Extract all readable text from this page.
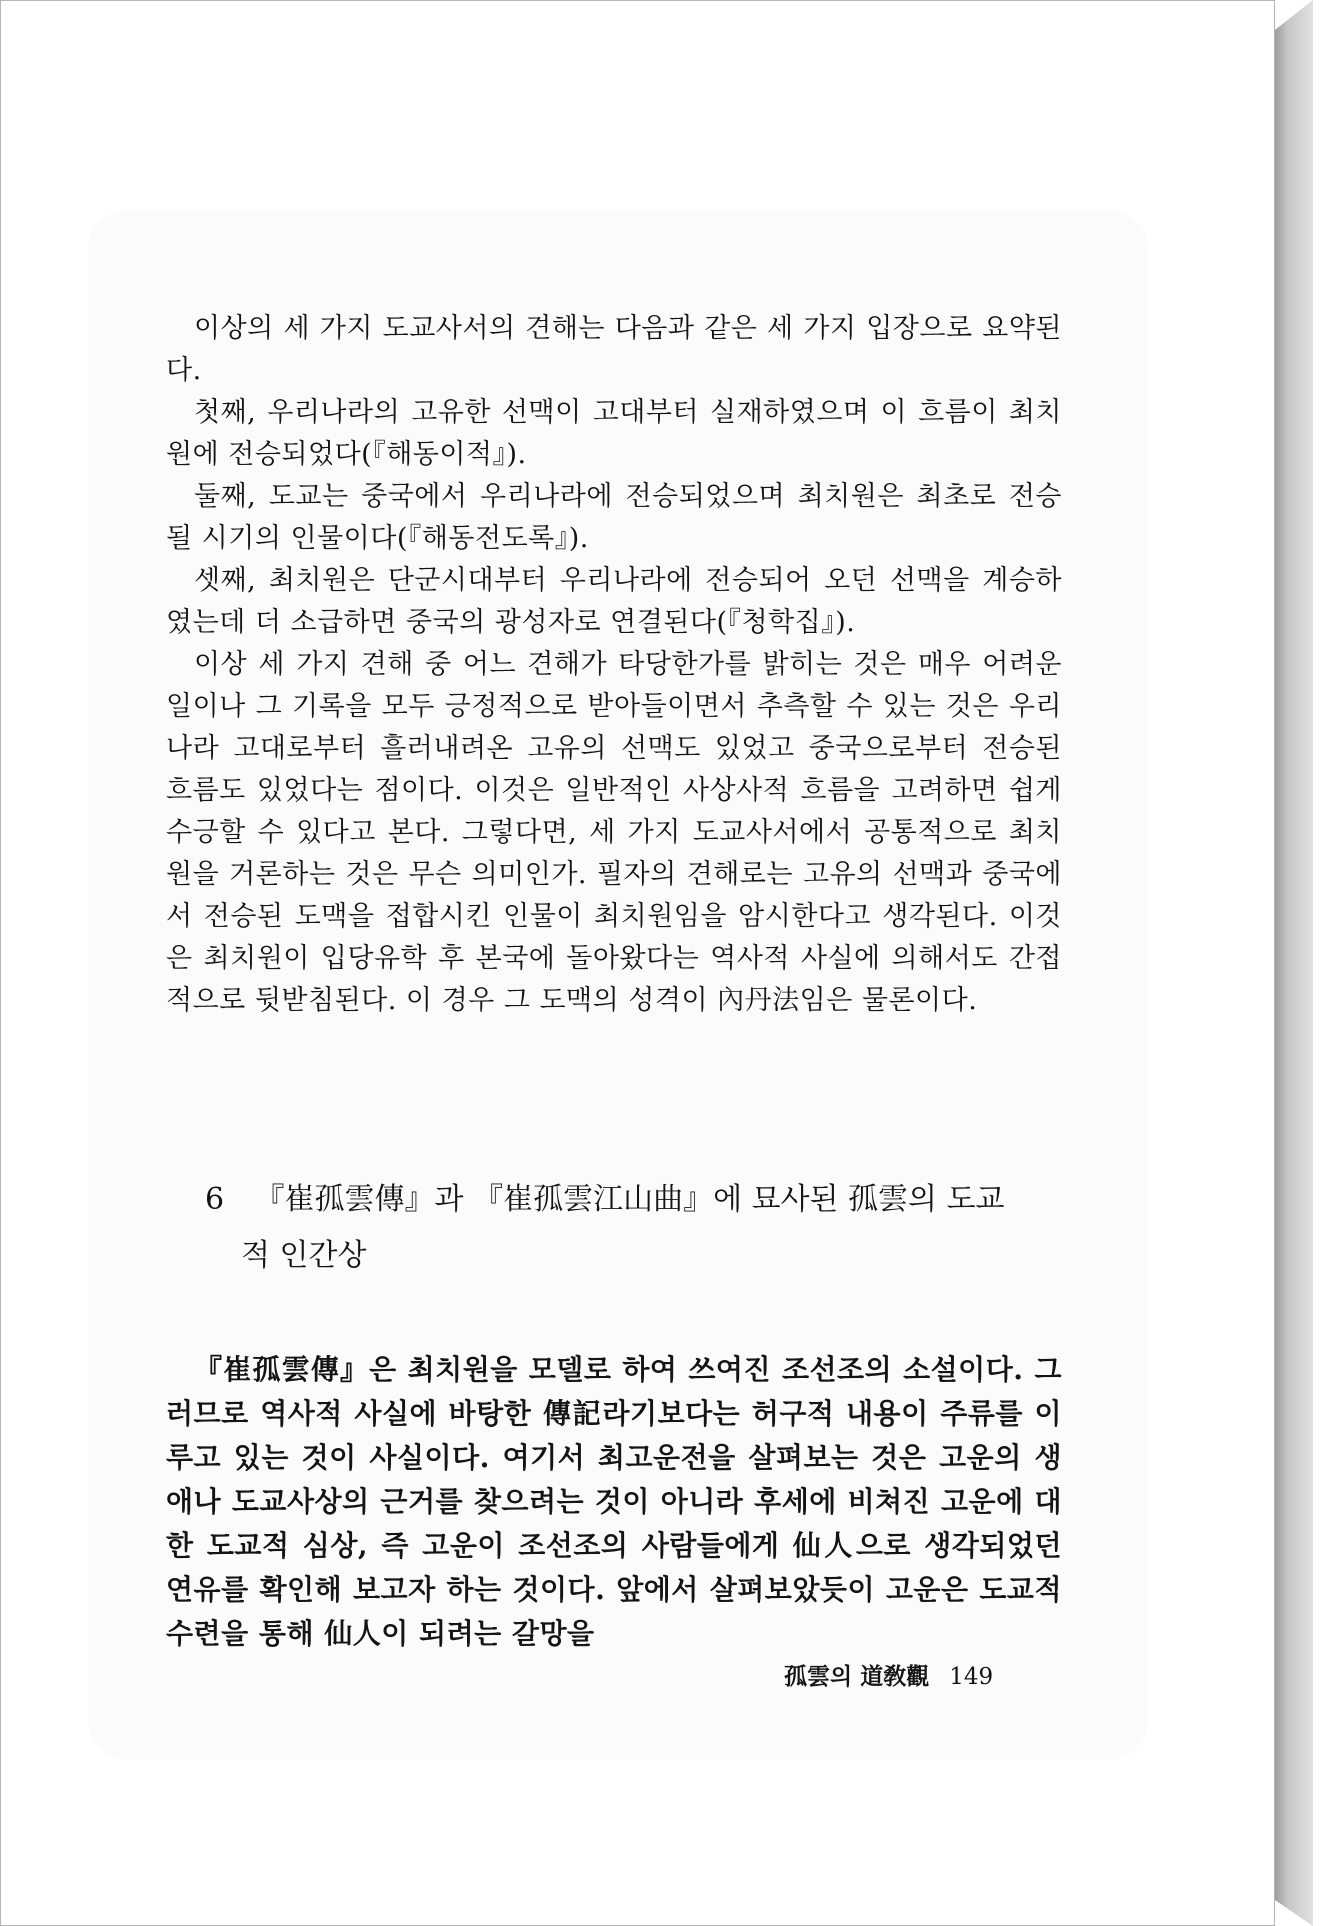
이상의 세 가지 도교사서의 견해는 다음과 같은 세 가지 입장으로 요약된다.

첫째, 우리나라의 고유한 선맥이 고대부터 실재하였으며 이 흐름이 최치원에 전승되었다(『해동이적』).

둘째, 도교는 중국에서 우리나라에 전승되었으며 최치원은 최초로 전승될 시기의 인물이다(『해동전도록』).

셋째, 최치원은 단군시대부터 우리나라에 전승되어 오던 선맥을 계승하였는데 더 소급하면 중국의 광성자로 연결된다(『청학집』).

이상 세 가지 견해 중 어느 견해가 타당한가를 밝히는 것은 매우 어려운 일이나 그 기록을 모두 긍정적으로 받아들이면서 추측할 수 있는 것은 우리나라 고대로부터 흘러내려온 고유의 선맥도 있었고 중국으로부터 전승된 흐름도 있었다는 점이다. 이것은 일반적인 사상사적 흐름을 고려하면 쉽게 수긍할 수 있다고 본다. 그렇다면, 세 가지 도교사서에서 공통적으로 최치원을 거론하는 것은 무슨 의미인가. 필자의 견해로는 고유의 선맥과 중국에서 전승된 도맥을 접합시킨 인물이 최치원임을 암시한다고 생각된다. 이것은 최치원이 입당유학 후 본국에 돌아왔다는 역사적 사실에 의해서도 간접적으로 뒷받침된다. 이 경우 그 도맥의 성격이 內丹法임은 물론이다.

6 『崔孤雲傳』과 『崔孤雲江山曲』에 묘사된 孤雲의 도교
적 인간상

『崔孤雲傳』은 최치원을 모델로 하여 쓰여진 조선조의 소설이다. 그러므로 역사적 사실에 바탕한 傳記라기보다는 허구적 내용이 주류를 이루고 있는 것이 사실이다. 여기서 최고운전을 살펴보는 것은 고운의 생애나 도교사상의 근거를 찾으려는 것이 아니라 후세에 비쳐진 고운에 대한 도교적 심상, 즉 고운이 조선조의 사람들에게 仙人으로 생각되었던 연유를 확인해 보고자 하는 것이다. 앞에서 살펴보았듯이 고운은 도교적 수련을 통해 仙人이 되려는 갈망을

孤雲의 道敎觀 149
